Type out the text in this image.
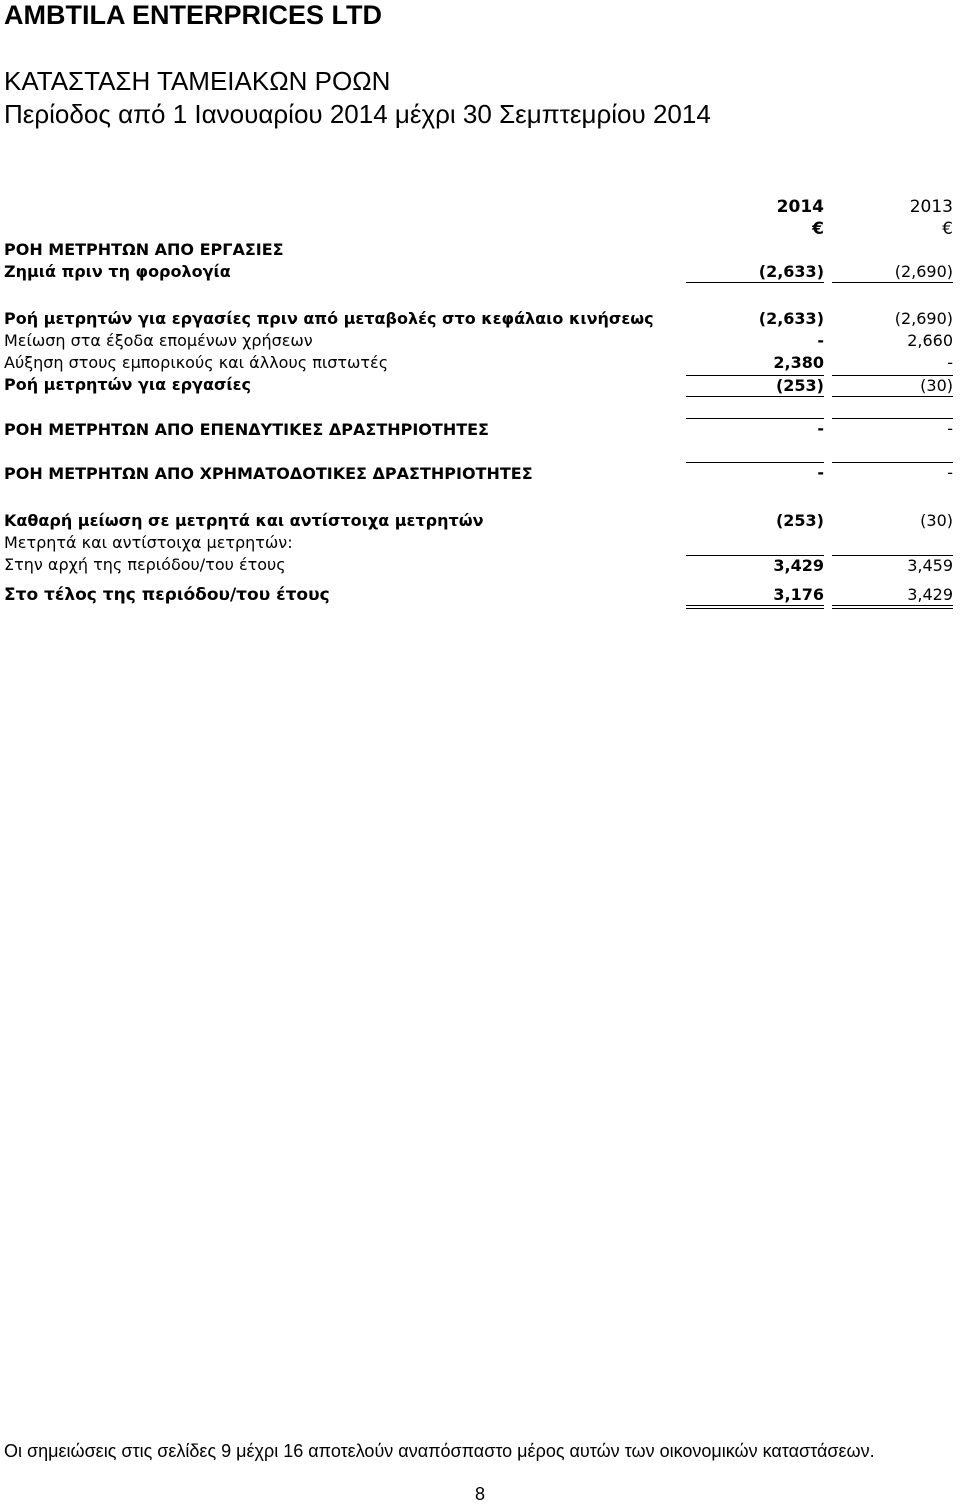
AMBTILA ENTERPRICES LTD
ΚΑΤΑΣΤΑΣΗ ΤΑΜΕΙΑΚΩΝ ΡΟΩΝ
Περίοδος από 1 Ιανουαρίου 2014 μέχρι 30 Σεμπτεμρίου 2014
2014	2013
€	€
ΡΟΗ ΜΕΤΡΗΤΩΝ ΑΠΟ ΕΡΓΑΣΙΕΣ
Ζημιά πριν τη φορολογία	(2,633)	(2,690)
Ροή μετρητών για εργασίες πριν από μεταβολές στο κεφάλαιο κινήσεως	(2,633)	(2,690)
Μείωση στα έξοδα επομένων χρήσεων	-	2,660
Αύξηση στους εμπορικούς και άλλους πιστωτές	2,380	-
Ροή μετρητών για εργασίες	(253)	(30)
ΡΟΗ ΜΕΤΡΗΤΩΝ ΑΠΟ ΕΠΕΝΔΥΤΙΚΕΣ ΔΡΑΣΤΗΡΙΟΤΗΤΕΣ	-	-
ΡΟΗ ΜΕΤΡΗΤΩΝ ΑΠΟ ΧΡΗΜΑΤΟΔΟΤΙΚΕΣ ΔΡΑΣΤΗΡΙΟΤΗΤΕΣ	-	-
Καθαρή μείωση σε μετρητά και αντίστοιχα μετρητών	(253)	(30)
Μετρητά και αντίστοιχα μετρητών:
Στην αρχή της περιόδου/του έτους	3,429	3,459
Στο τέλος της περιόδου/του έτους	3,176	3,429
Οι σημειώσεις στις σελίδες 9 μέχρι 16 αποτελούν αναπόσπαστο μέρος αυτών των οικονομικών καταστάσεων.
8
